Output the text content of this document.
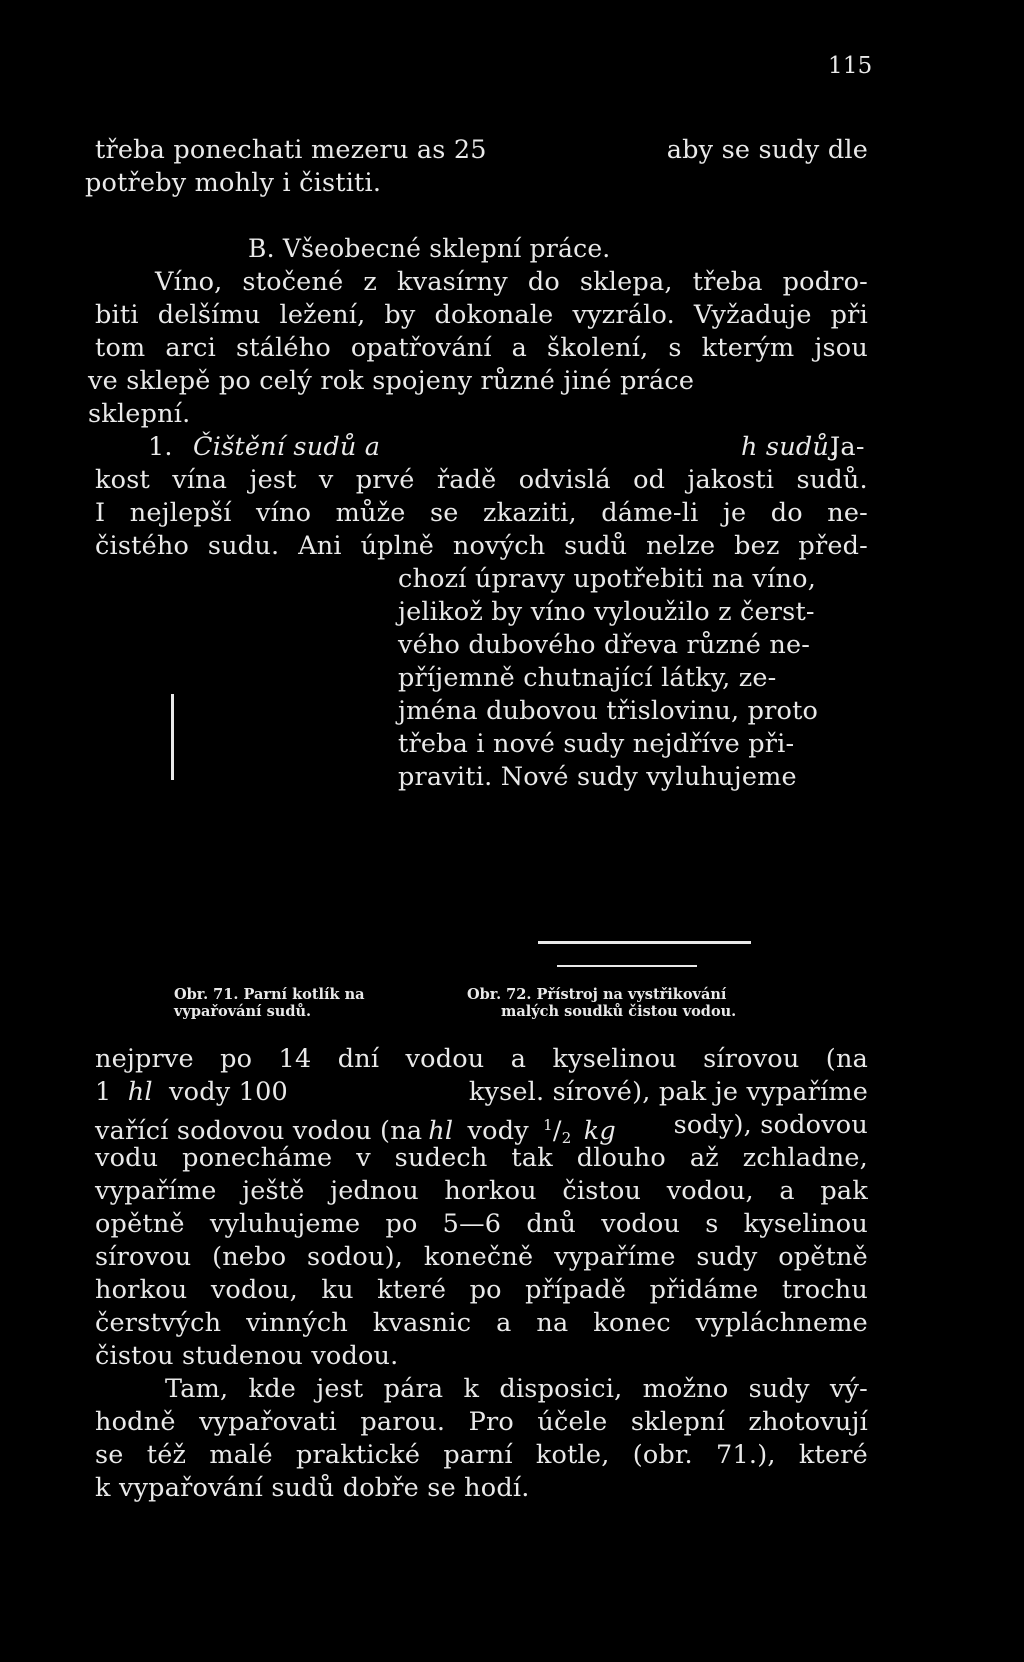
115
třeba ponechati mezeru as 25	aby se sudy dle
potřeby mohly i čistiti.
B. Všeobecné sklepní práce.
Víno, stočené z kvasírny do sklepa, třeba podro-
biti delšímu ležení, by dokonale vyzrálo. Vyžaduje při
tom arci stálého opatřování a školení, s kterým jsou
ve sklepě po celý rok spojeny různé jiné práce
sklepní.
1. Čištění sudů a	h sudů.
Ja-
kost vína jest v prvé řadě odvislá od jakosti sudů.
I nejlepší víno může se zkaziti, dáme-li je do ne-
čistého sudu. Ani úplně nových sudů nelze bez před-
chozí úpravy upotřebiti na víno,
jelikož by víno vyloužilo z čerst-
vého dubového dřeva různé ne-
příjemně chutnající látky, ze-
jména dubovou třislovinu, proto
třeba i nové sudy nejdříve při-
praviti. Nové sudy vyluhujeme
Obr. 71. Parní kotlík na
vypařování sudů.
Obr. 72. Přístroj na vystřikování
malých soudků čistou vodou.
nejprve po 14 dní vodou a kyselinou sírovou (na
1 hl vody 100	kysel. sírové), pak je vypaříme
vařící sodovou vodou (na hl vody $^1/_2$ kg sody), sodovou
vodu ponecháme v sudech tak dlouho až zchladne,
vypaříme ještě jednou horkou čistou vodou, a pak
opětně vyluhujeme po 5—6 dnů vodou s kyselinou
sírovou (nebo sodou), konečně vypaříme sudy opětně
horkou vodou, ku které po případě přidáme trochu
čerstvých vinných kvasnic a na konec vypláchneme
čistou studenou vodou.
Tam, kde jest pára k disposici, možno sudy vý-
hodně vypařovati parou. Pro účele sklepní zhotovují
se též malé praktické parní kotle, (obr. 71.), které
k vypařování sudů dobře se hodí.
